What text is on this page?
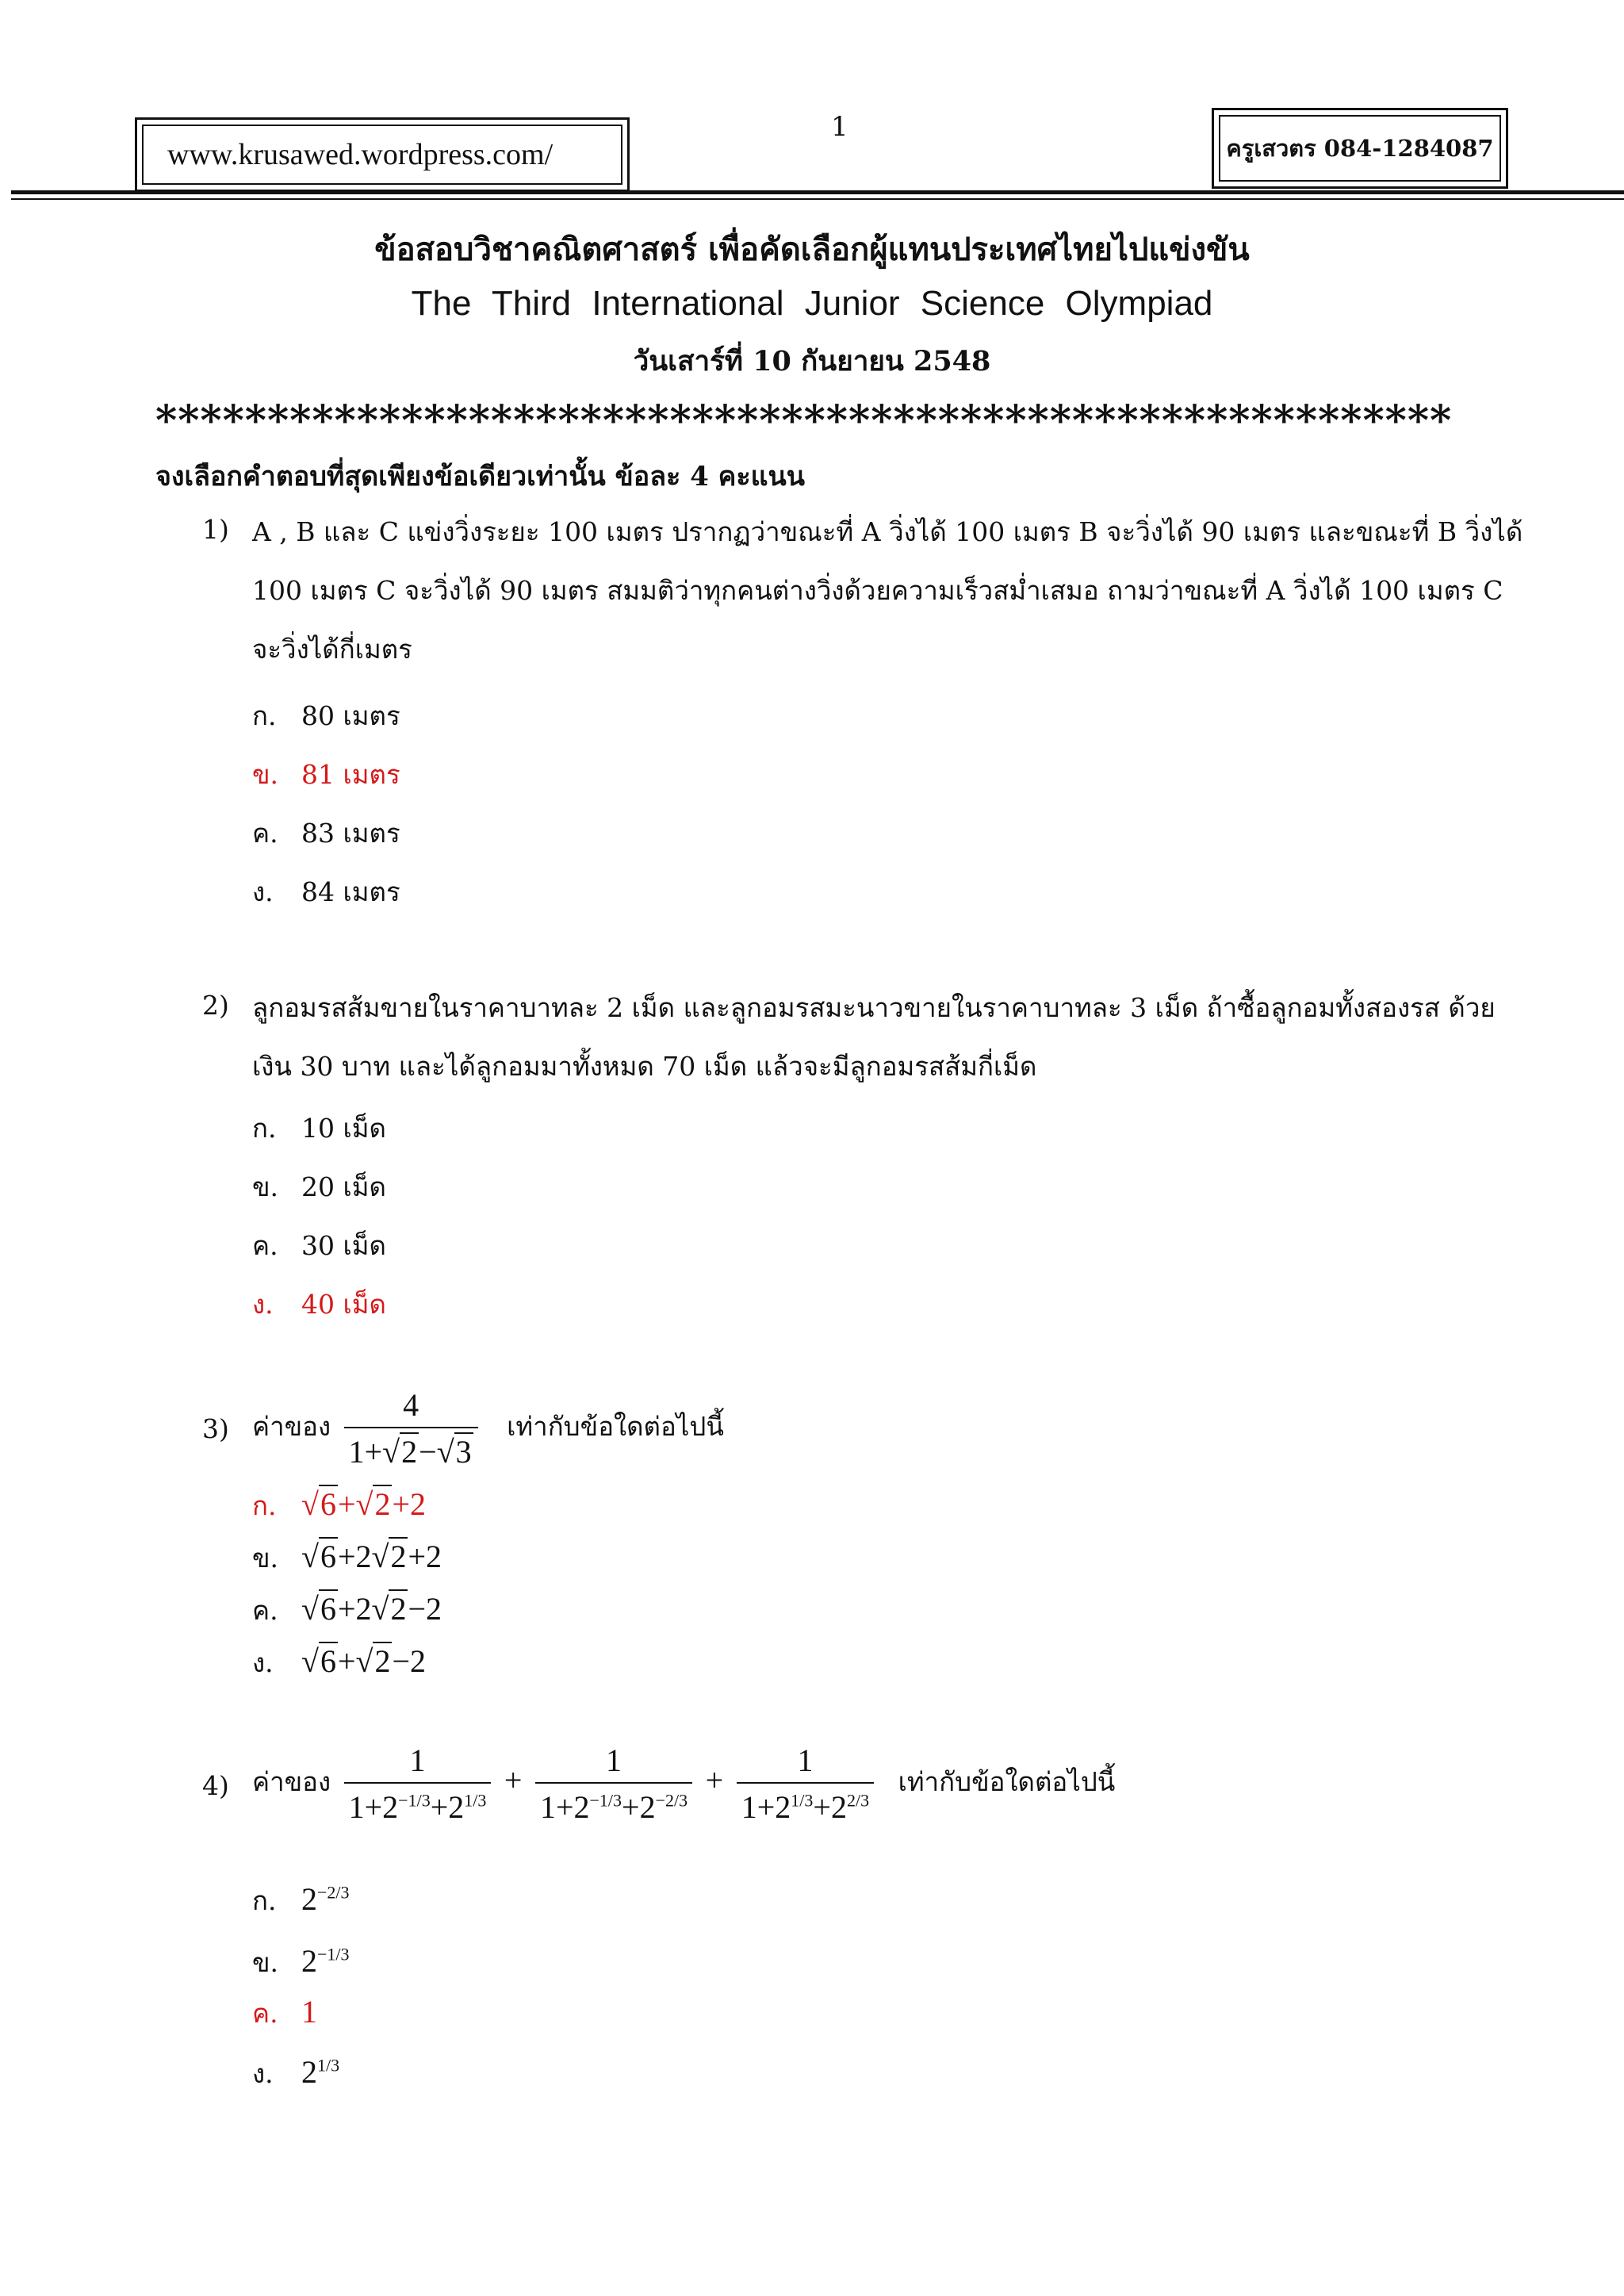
1
www.krusawed.wordpress.com/	ครูเสวตร 084-1284087
ข้อสอบวิชาคณิตศาสตร์ เพื่อคัดเลือกผู้แทนประเทศไทยไปแข่งขัน
The Third International Junior Science Olympiad
วันเสาร์ที่ 10 กันยายน 2548
**********************************************************
จงเลือกคำตอบที่สุดเพียงข้อเดียวเท่านั้น ข้อละ 4 คะแนน
1) A , B และ C แข่งวิ่งระยะ 100 เมตร ปรากฏว่าขณะที่ A วิ่งได้ 100 เมตร B จะวิ่งได้ 90 เมตร และขณะที่ B วิ่งได้ 100 เมตร C จะวิ่งได้ 90 เมตร สมมติว่าทุกคนต่างวิ่งด้วยความเร็วสม่ำเสมอ ถามว่าขณะที่ A วิ่งได้ 100 เมตร C จะวิ่งได้กี่เมตร
ก. 80 เมตร
ข. 81 เมตร
ค. 83 เมตร
ง. 84 เมตร
2) ลูกอมรสส้มขายในราคาบาทละ 2 เม็ด และลูกอมรสมะนาวขายในราคาบาทละ 3 เม็ด ถ้าซื้อลูกอมทั้งสองรส ด้วยเงิน 30 บาท และได้ลูกอมมาทั้งหมด 70 เม็ด แล้วจะมีลูกอมรสส้มกี่เม็ด
ก. 10 เม็ด
ข. 20 เม็ด
ค. 30 เม็ด
ง. 40 เม็ด
3) ค่าของ $\frac{4}{1+√2-√3}$ เท่ากับข้อใดต่อไปนี้
ก. √6+√2+2
ข. √6+2√2+2
ค. √6+2√2−2
ง. √6+√2−2
4) ค่าของ $\frac{1}{1+2^{-1/3}+2^{1/3}} + \frac{1}{1+2^{-1/3}+2^{-2/3}} + \frac{1}{1+2^{1/3}+2^{2/3}}$ เท่ากับข้อใดต่อไปนี้
ก. $2^{-2/3}$
ข. $2^{-1/3}$
ค. 1
ง. $2^{1/3}$
